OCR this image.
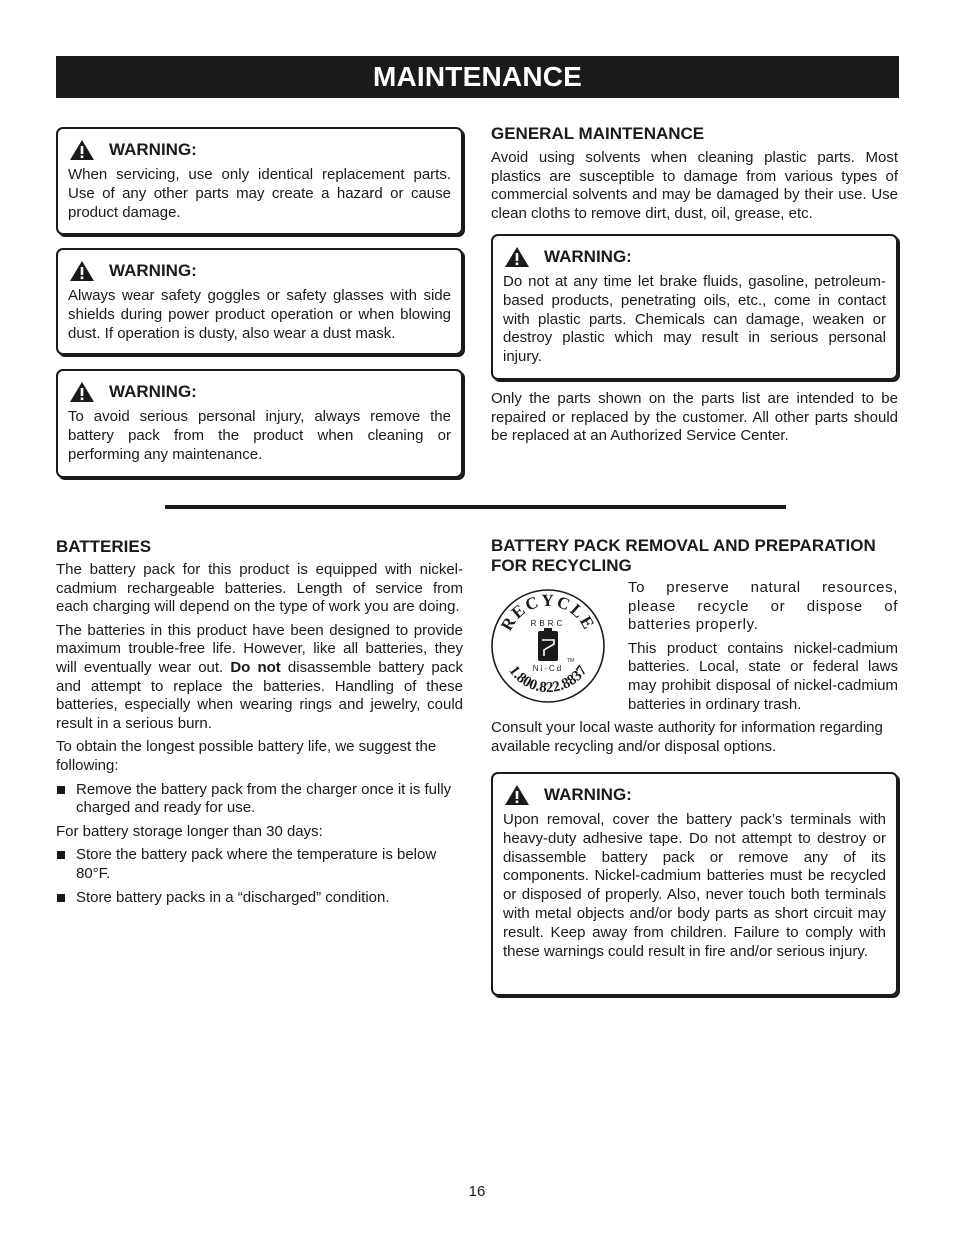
MAINTENANCE
WARNING:

When servicing, use only identical replacement parts. Use of any other parts may create a hazard or cause product damage.

WARNING:

Always wear safety goggles or safety glasses with side shields during power product operation or when blowing dust. If operation is dusty, also wear a dust mask.

WARNING:

To avoid serious personal injury, always remove the battery pack from the product when cleaning or performing any maintenance.

GENERAL MAINTENANCE

Avoid using solvents when cleaning plastic parts. Most plastics are susceptible to damage from various types of commercial solvents and may be damaged by their use. Use clean cloths to remove dirt, dust, oil, grease, etc.

WARNING:

Do not at any time let brake fluids, gasoline, petroleum-based products, penetrating oils, etc., come in contact with plastic parts. Chemicals can damage, weaken or destroy plastic which may result in serious personal injury.

Only the parts shown on the parts list are intended to be repaired or replaced by the customer. All other parts should be replaced at an Authorized Service Center.

BATTERIES

The battery pack for this product is equipped with nickel-cadmium rechargeable batteries. Length of service from each charging will depend on the type of work you are doing.

The batteries in this product have been designed to provide maximum trouble-free life. However, like all batteries, they will eventually wear out. Do not disassemble battery pack and attempt to replace the batteries. Handling of these batteries, especially when wearing rings and jewelry, could result in a serious burn.

To obtain the longest possible battery life, we suggest the following:

Remove the battery pack from the charger once it is fully charged and ready for use.

For battery storage longer than 30 days:

Store the battery pack where the temperature is below 80°F.
Store battery packs in a “discharged” condition.
BATTERY PACK REMOVAL AND PREPARATION FOR RECYCLING
RECYCLE
RBRC
Ni-Cd
TM
1.800.822.8837

To preserve natural resources, please recycle or dispose of batteries properly.

This product contains nickel-cadmium batteries. Local, state or federal laws may prohibit disposal of nickel-cadmium batteries in ordinary trash.

Consult your local waste authority for information regarding available recycling and/or disposal options.

WARNING:

Upon removal, cover the battery pack’s terminals with heavy-duty adhesive tape. Do not attempt to destroy or disassemble battery pack or remove any of its components. Nickel-cadmium batteries must be recycled or disposed of properly. Also, never touch both terminals with metal objects and/or body parts as short circuit may result. Keep away from children. Failure to comply with these warnings could result in fire and/or serious injury.

16
